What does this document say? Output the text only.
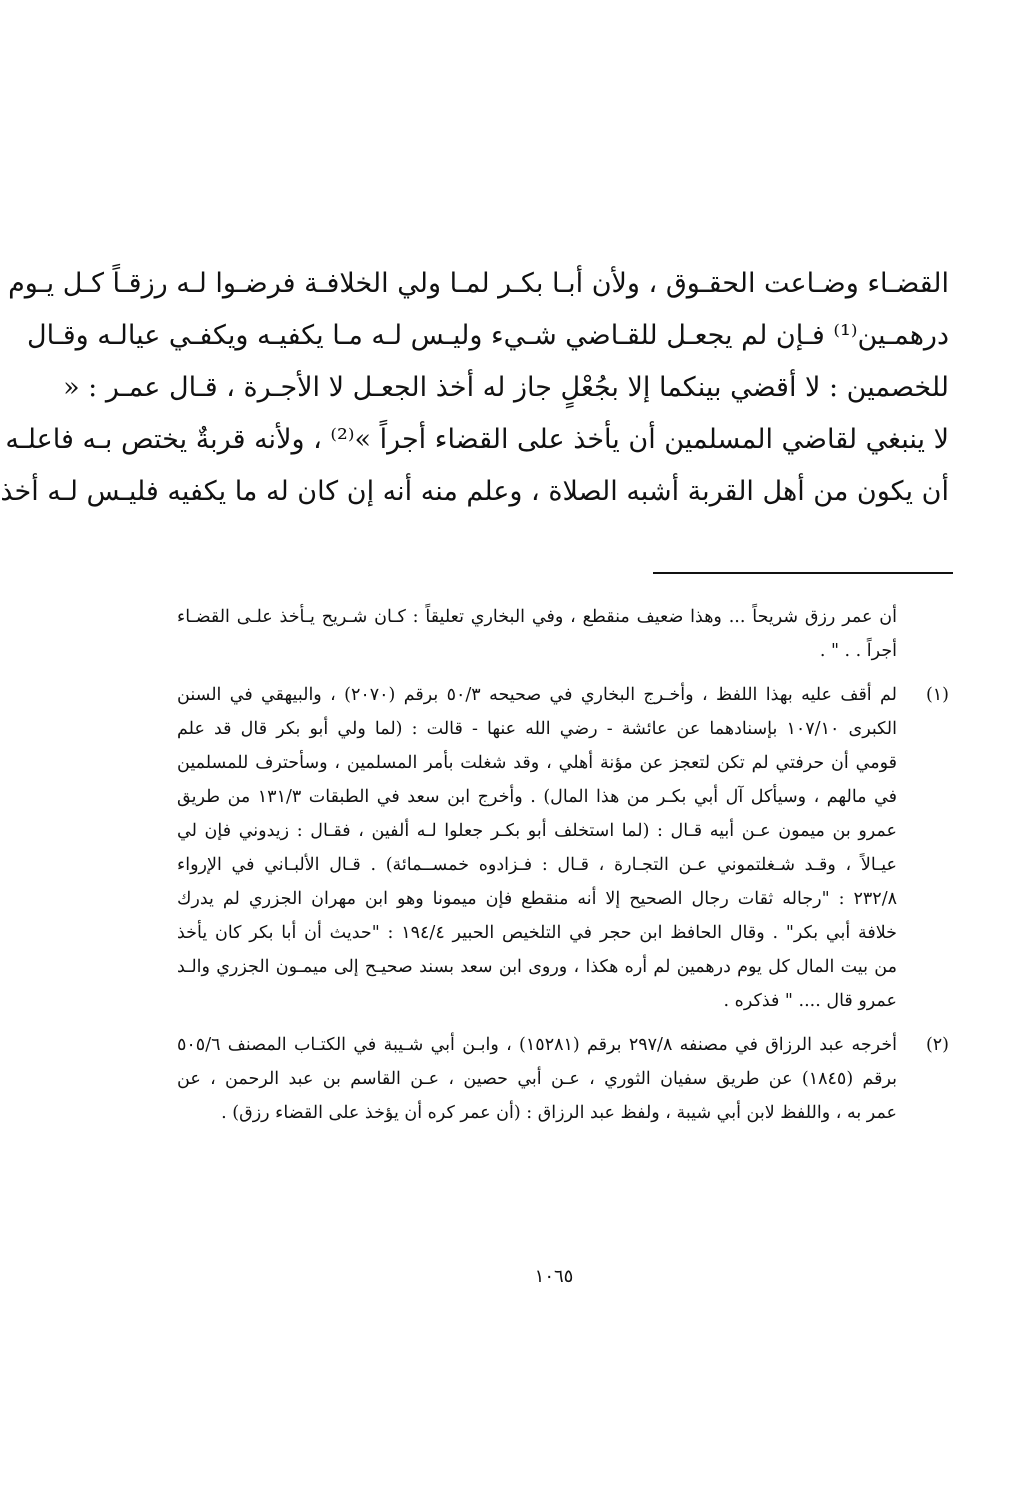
القضـاء وضـاعت الحقـوق ، ولأن أبـا بكـر لمـا ولي الخلافـة فرضـوا لـه رزقـاً كـل يـوم
درهمـين⁽¹⁾ فـإن لم يجعـل للقـاضي شـيء وليـس لـه مـا يكفيـه ويكفـي عيالـه وقـال
للخصمين : لا أقضي بينكما إلا بجُعْلٍ جاز له أخذ الجعـل لا الأجـرة ، قـال عمـر : «
لا ينبغي لقاضي المسلمين أن يأخذ على القضاء أجراً »⁽²⁾ ، ولأنه قربةٌ يختص بـه فاعلـه
أن يكون من أهل القربة أشبه الصلاة ، وعلم منه أنه إن كان له ما يكفيه فليـس لـه أخذ
أن عمر رزق شريحاً ... وهذا ضعيف منقطع ، وفي البخاري تعليقاً : كـان شـريح يـأخذ علـى القضـاء
أجراً . . " .
(١)
لم أقف عليه بهذا اللفظ ، وأخـرج البخاري في صحيحه ٥٠/٣ برقم (٢٠٧٠) ، والبيهقي في السنن
الكبرى ١٠٧/١٠ بإسنادهما عن عائشة - رضي الله عنها - قالت : (لما ولي أبو بكر قال قد علم
قومي أن حرفتي لم تكن لتعجز عن مؤنة أهلي ، وقد شغلت بأمر المسلمين ، وسأحترف للمسلمين
في مالهم ، وسيأكل آل أبي بكـر من هذا المال) . وأخرج ابن سعد في الطبقات ١٣١/٣ من طريق
عمرو بن ميمون عـن أبيه قـال : (لما استخلف أبو بكـر جعلوا لـه ألفين ، فقـال : زيدوني فإن لي
عيـالاً ، وقـد شـغلتموني عـن التجـارة ، قـال : فـزادوه خمســمائة) . قـال الألبـاني في الإرواء
٢٣٢/٨ : "رجاله ثقات رجال الصحيح إلا أنه منقطع فإن ميمونا وهو ابن مهران الجزري لم يدرك
خلافة أبي بكر" . وقال الحافظ ابن حجر في التلخيص الحبير ١٩٤/٤ : "حديث أن أبا بكر كان يأخذ
من بيت المال كل يوم درهمين لم أره هكذا ، وروى ابن سعد بسند صحيـح إلى ميمـون الجزري والـد
عمرو قال .... " فذكره .
(٢)
أخرجه عبد الرزاق في مصنفه ٢٩٧/٨ برقم (١٥٢٨١) ، وابـن أبي شـيبة في الكتـاب المصنف ٥٠٥/٦
برقم (١٨٤٥) عن طريق سفيان الثوري ، عـن أبي حصين ، عـن القاسم بن عبد الرحمن ، عن
عمر به ، واللفظ لابن أبي شيبة ، ولفظ عبد الرزاق : (أن عمر كره أن يؤخذ على القضاء رزق) .
١٠٦٥
